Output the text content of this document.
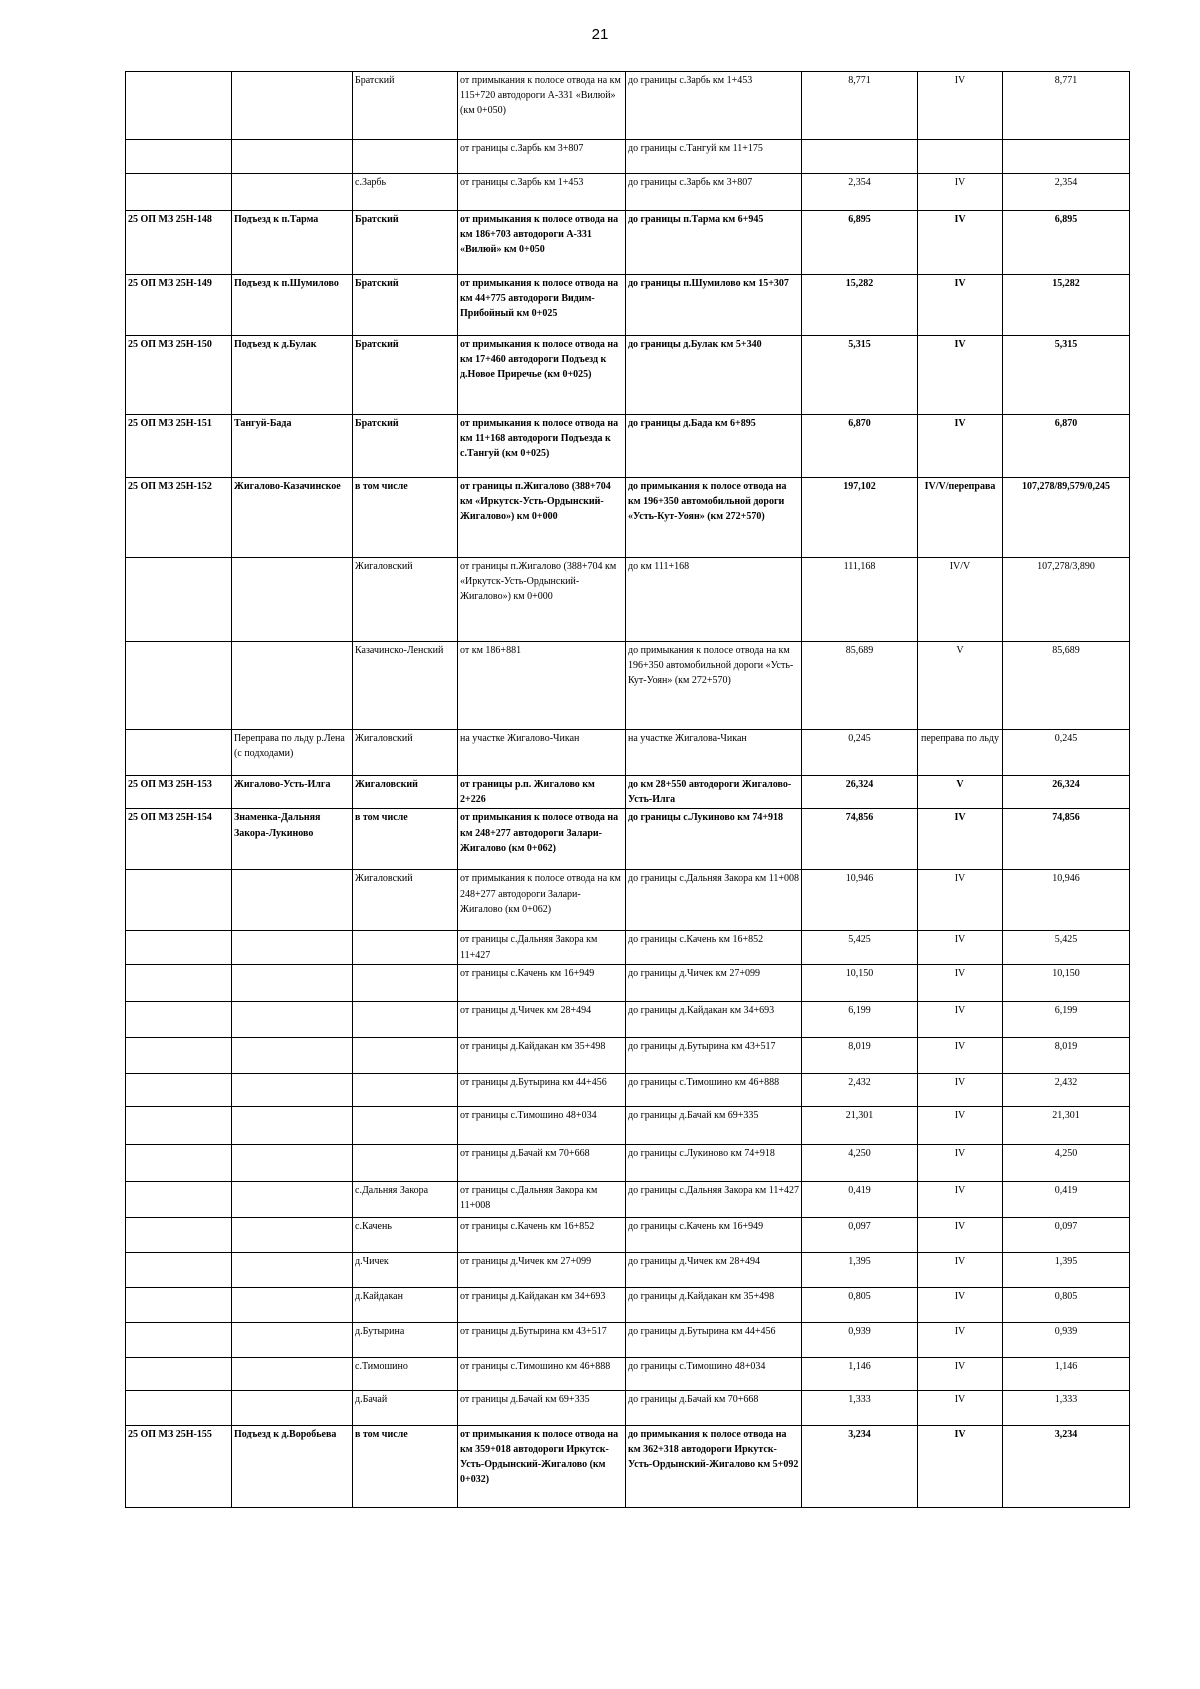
21
		Братский	от примыкания к полосе отвода на км 115+720 автодороги А-331 «Вилюй» (км 0+050)	до границы с.Зарбь км 1+453	8,771	IV	8,771
			от границы с.Зарбь км 3+807	до границы с.Тангуй км 11+175			
		с.Зарбь	от границы с.Зарбь км 1+453	до границы с.Зарбь км 3+807	2,354	IV	2,354
25 ОП МЗ 25Н-148	Подъезд к п.Тарма	Братский	от примыкания к полосе отвода на км 186+703 автодороги А-331 «Вилюй» км 0+050	до границы п.Тарма км 6+945	6,895	IV	6,895
25 ОП МЗ 25Н-149	Подъезд к п.Шумилово	Братский	от примыкания к полосе отвода на км 44+775 автодороги Видим-Прибойный км 0+025	до границы п.Шумилово км 15+307	15,282	IV	15,282
25 ОП МЗ 25Н-150	Подъезд к д.Булак	Братский	от примыкания к полосе отвода на км 17+460 автодороги Подъезд к д.Новое Приречье (км 0+025)	до границы д.Булак км 5+340	5,315	IV	5,315
25 ОП МЗ 25Н-151	Тангуй-Бада	Братский	от примыкания к полосе отвода на км 11+168 автодороги Подъезда к с.Тангуй (км 0+025)	до границы д.Бада км 6+895	6,870	IV	6,870
25 ОП МЗ 25Н-152	Жигалово-Казачинское	в том числе	от границы п.Жигалово (388+704 км «Иркутск-Усть-Ордынский-Жигалово») км 0+000	до примыкания к полосе отвода на км 196+350 автомобильной дороги «Усть-Кут-Уоян» (км 272+570)	197,102	IV/V/переправа	107,278/89,579/0,245
		Жигаловский	от границы п.Жигалово (388+704 км «Иркутск-Усть-Ордынский-Жигалово») км 0+000	до км 111+168	111,168	IV/V	107,278/3,890
		Казачинско-Ленский	от км 186+881	до примыкания к полосе отвода на км 196+350 автомобильной дороги «Усть-Кут-Уоян» (км 272+570)	85,689	V	85,689
	Переправа по льду р.Лена (с подходами)	Жигаловский	на участке Жигалово-Чикан	на участке Жигалова-Чикан	0,245	переправа по льду	0,245
25 ОП МЗ 25Н-153	Жигалово-Усть-Илга	Жигаловский	от границы р.п. Жигалово км 2+226	до км 28+550 автодороги Жигалово-Усть-Илга	26,324	V	26,324
25 ОП МЗ 25Н-154	Знаменка-Дальняя Закора-Лукиново	в том числе	от примыкания к полосе отвода на км 248+277 автодороги Залари-Жигалово (км 0+062)	до границы с.Лукиново км 74+918	74,856	IV	74,856
		Жигаловский	от примыкания к полосе отвода на км 248+277 автодороги Залари-Жигалово (км 0+062)	до границы с.Дальняя Закора км 11+008	10,946	IV	10,946
			от границы с.Дальняя Закора км 11+427	до границы с.Качень км 16+852	5,425	IV	5,425
			от границы с.Качень км 16+949	до границы д.Чичек км 27+099	10,150	IV	10,150
			от границы д.Чичек км 28+494	до границы д.Кайдакан км 34+693	6,199	IV	6,199
			от границы д.Кайдакан км 35+498	до границы д.Бутырина км 43+517	8,019	IV	8,019
			от границы д.Бутырина км 44+456	до границы с.Тимошино км 46+888	2,432	IV	2,432
			от границы с.Тимошино 48+034	до границы д.Бачай км 69+335	21,301	IV	21,301
			от границы д.Бачай км 70+668	до границы с.Лукиново км 74+918	4,250	IV	4,250
		с.Дальняя Закора	от границы с.Дальняя Закора км 11+008	до границы с.Дальняя Закора км 11+427	0,419	IV	0,419
		с.Качень	от границы с.Качень км 16+852	до границы с.Качень км 16+949	0,097	IV	0,097
		д.Чичек	от границы д.Чичек км 27+099	до границы д.Чичек км 28+494	1,395	IV	1,395
		д.Кайдакан	от границы д.Кайдакан км 34+693	до границы д.Кайдакан км 35+498	0,805	IV	0,805
		д.Бутырина	от границы д.Бутырина км 43+517	до границы д.Бутырина км 44+456	0,939	IV	0,939
		с.Тимошино	от границы с.Тимошино км 46+888	до границы с.Тимошино 48+034	1,146	IV	1,146
		д.Бачай	от границы д.Бачай км 69+335	до границы д.Бачай км 70+668	1,333	IV	1,333
25 ОП МЗ 25Н-155	Подъезд к д.Воробьева	в том числе	от примыкания к полосе отвода на км 359+018 автодороги Иркутск- Усть-Ордынский-Жигалово (км 0+032)	до примыкания к полосе отвода на км 362+318 автодороги Иркутск-Усть-Ордынский-Жигалово км 5+092	3,234	IV	3,234
